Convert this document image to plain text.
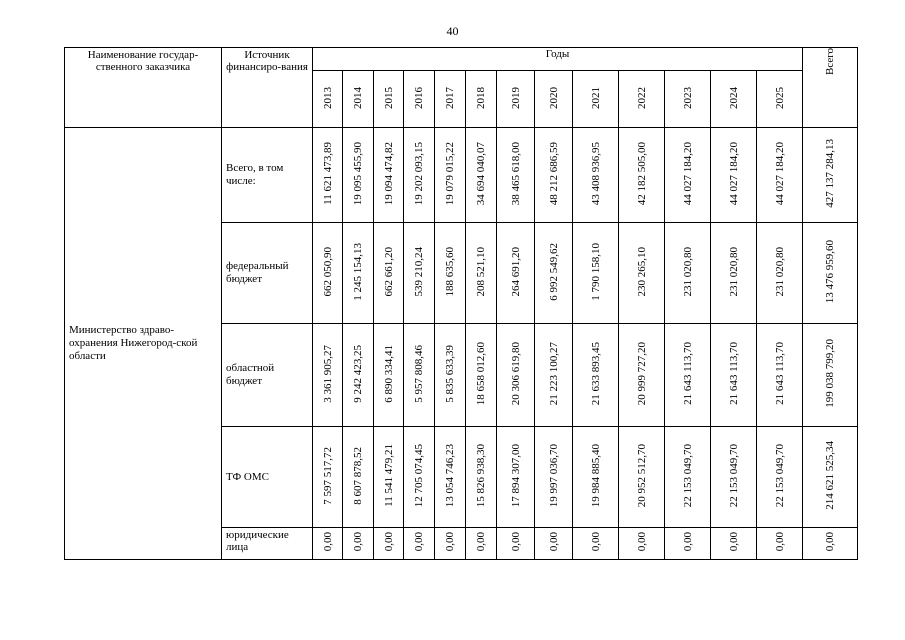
40
Наименование государ-ственного заказчика	Источник финансиро-вания	Годы													Всего
		2013	2014	2015	2016	2017	2018	2019	2020	2021	2022	2023	2024	2025	
Министерство здраво-охранения Нижегород-ской области	Всего, в том числе:	11 621 473,89	19 095 455,90	19 094 474,82	19 202 093,15	19 079 015,22	34 694 040,07	38 465 618,00	48 212 686,59	43 408 936,95	42 182 505,00	44 027 184,20	44 027 184,20	44 027 184,20	427 137 284,13
	федеральный бюджет	662 050,90	1 245 154,13	662 661,20	539 210,24	188 635,60	208 521,10	264 691,20	6 992 549,62	1 790 158,10	230 265,10	231 020,80	231 020,80	231 020,80	13 476 959,60
	областной бюджет	3 361 905,27	9 242 423,25	6 890 334,41	5 957 808,46	5 835 633,39	18 658 012,60	20 306 619,80	21 223 100,27	21 633 893,45	20 999 727,20	21 643 113,70	21 643 113,70	21 643 113,70	199 038 799,20
	ТФ ОМС	7 597 517,72	8 607 878,52	11 541 479,21	12 705 074,45	13 054 746,23	15 826 938,30	17 894 307,00	19 997 036,70	19 984 885,40	20 952 512,70	22 153 049,70	22 153 049,70	22 153 049,70	214 621 525,34
	юридические лица	0,00	0,00	0,00	0,00	0,00	0,00	0,00	0,00	0,00	0,00	0,00	0,00	0,00	0,00
